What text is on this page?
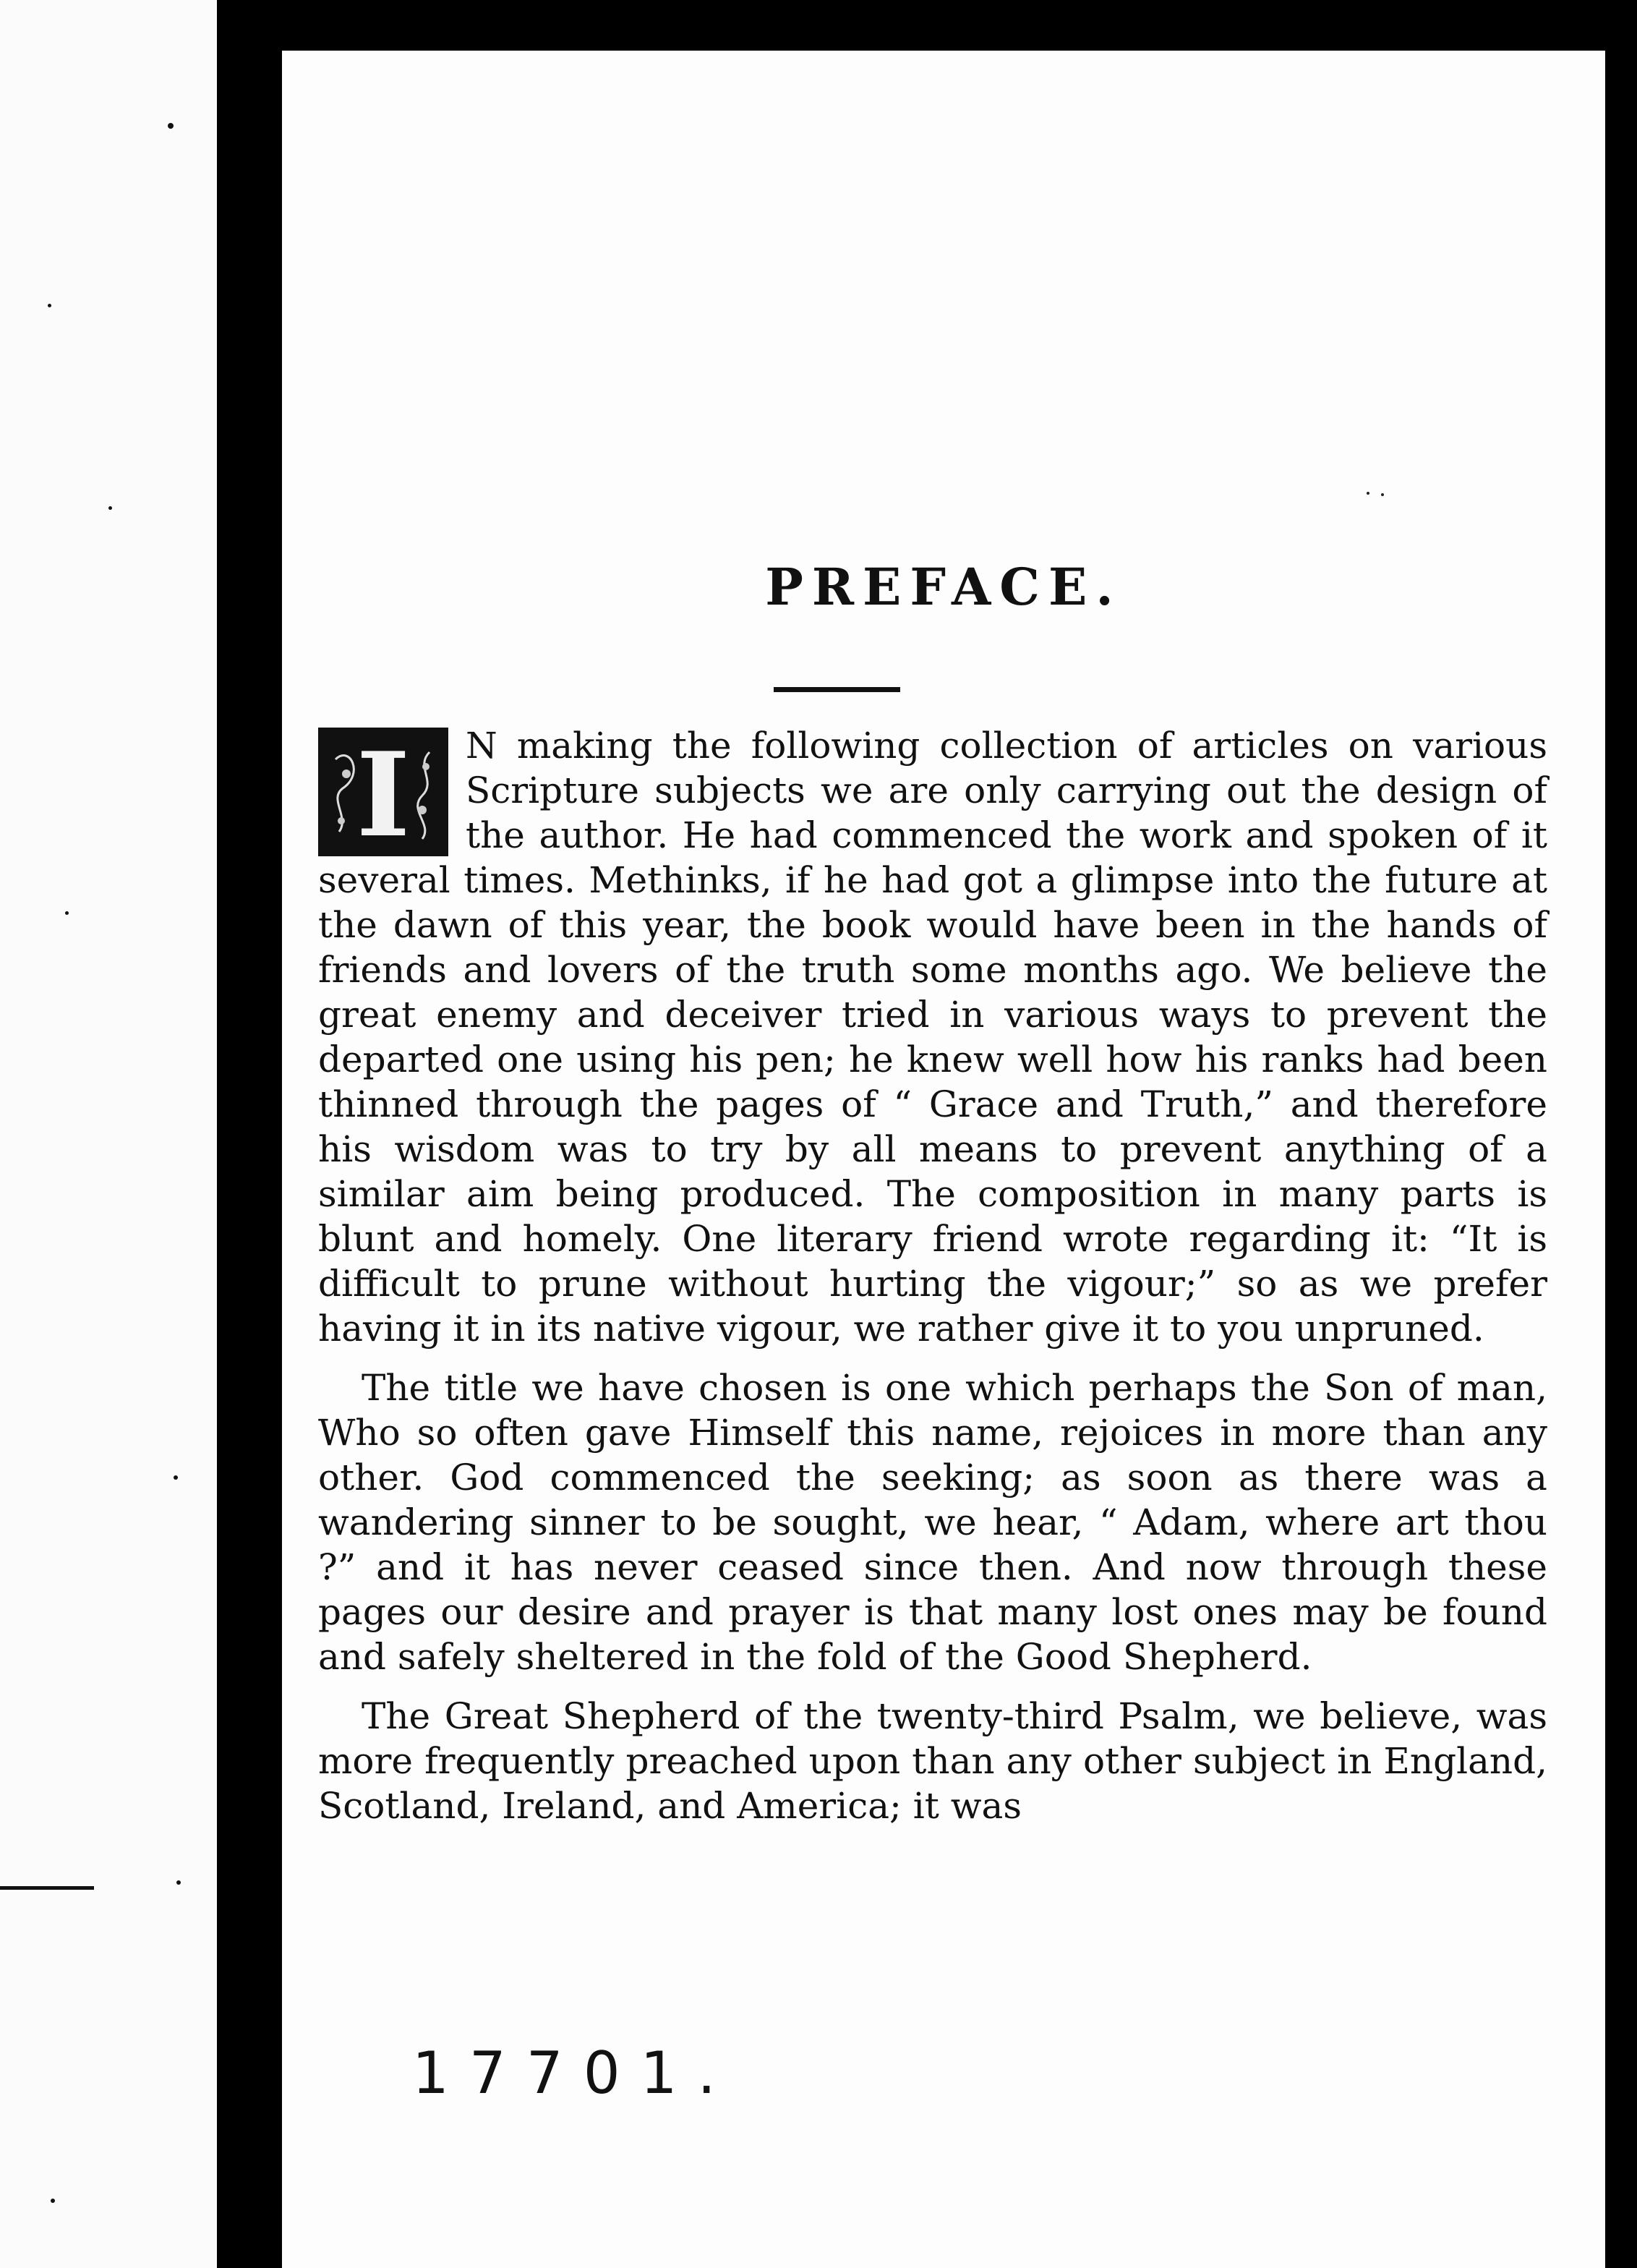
PREFACE.

I	N making the following collection of articles on various Scripture subjects we are only carrying out the design of the author. He had commenced the work and spoken of it several times. Methinks, if he had got a glimpse into the future at the dawn of this year, the book would have been in the hands of friends and lovers of the truth some months ago. We believe the great enemy and deceiver tried in various ways to prevent the departed one using his pen; he knew well how his ranks had been thinned through the pages of “ Grace and Truth,” and therefore his wisdom was to try by all means to prevent anything of a similar aim being produced. The composition in many parts is blunt and homely. One literary friend wrote regarding it: “It is difficult to prune without hurting the vigour;” so as we prefer having it in its native vigour, we rather give it to you unpruned.

The title we have chosen is one which perhaps the Son of man, Who so often gave Himself this name, rejoices in more than any other. God commenced the seeking; as soon as there was a wandering sinner to be sought, we hear, “ Adam, where art thou ?” and it has never ceased since then. And now through these pages our desire and prayer is that many lost ones may be found and safely sheltered in the fold of the Good Shepherd.

The Great Shepherd of the twenty-third Psalm, we believe, was more frequently preached upon than any other subject in England, Scotland, Ireland, and America; it was

17701.
